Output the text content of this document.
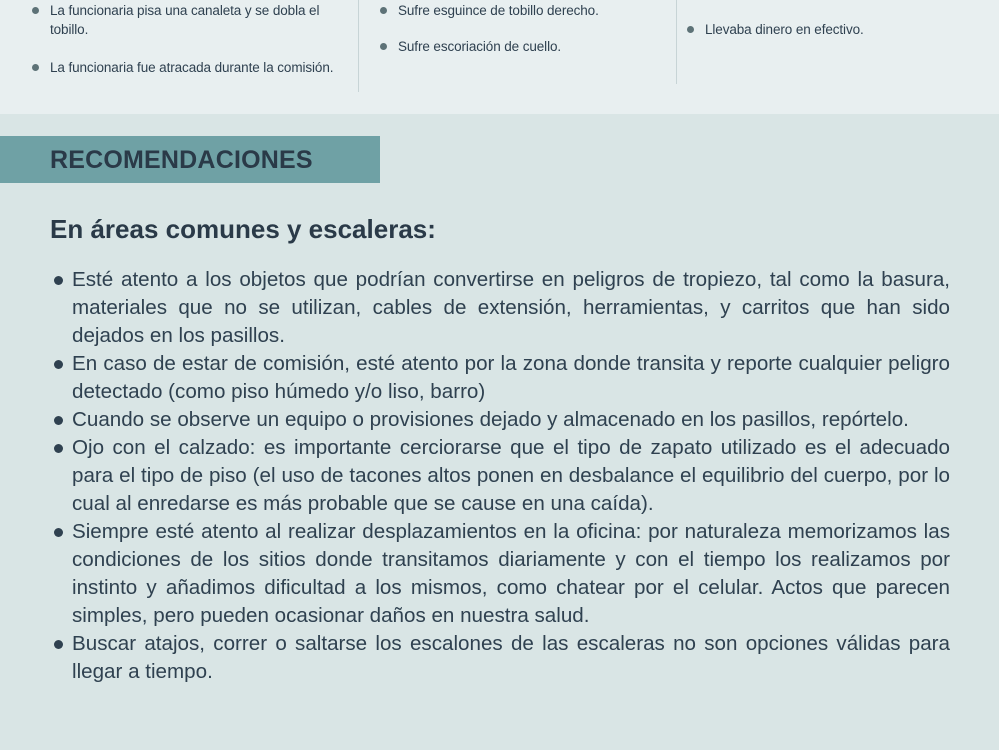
La funcionaria pisa una canaleta y se dobla el tobillo.
La funcionaria fue atracada durante la comisión.
Sufre esguince de tobillo derecho.
Sufre escoriación de cuello.
Llevaba dinero en efectivo.
RECOMENDACIONES
En áreas comunes y escaleras:
Esté atento a los objetos que podrían convertirse en peligros de tropiezo, tal como la basura, materiales que no se utilizan, cables de extensión, herramientas, y carritos que han sido dejados en los pasillos.
En caso de estar de comisión, esté atento por la zona donde transita y reporte cualquier peligro detectado (como piso húmedo y/o liso, barro)
Cuando se observe un equipo o provisiones dejado y almacenado en los pasillos, repórtelo.
Ojo con el calzado: es importante cerciorarse que el tipo de zapato utilizado es el adecuado para el tipo de piso (el uso de tacones altos ponen en desbalance el equilibrio del cuerpo, por lo cual al enredarse es más probable que se cause en una caída).
Siempre esté atento al realizar desplazamientos en la oficina: por naturaleza memorizamos las condiciones de los sitios donde transitamos diariamente y con el tiempo los realizamos por instinto y añadimos dificultad a los mismos, como chatear por el celular. Actos que parecen simples, pero pueden ocasionar daños en nuestra salud.
Buscar atajos, correr o saltarse los escalones de las escaleras no son opciones válidas para llegar a tiempo.
